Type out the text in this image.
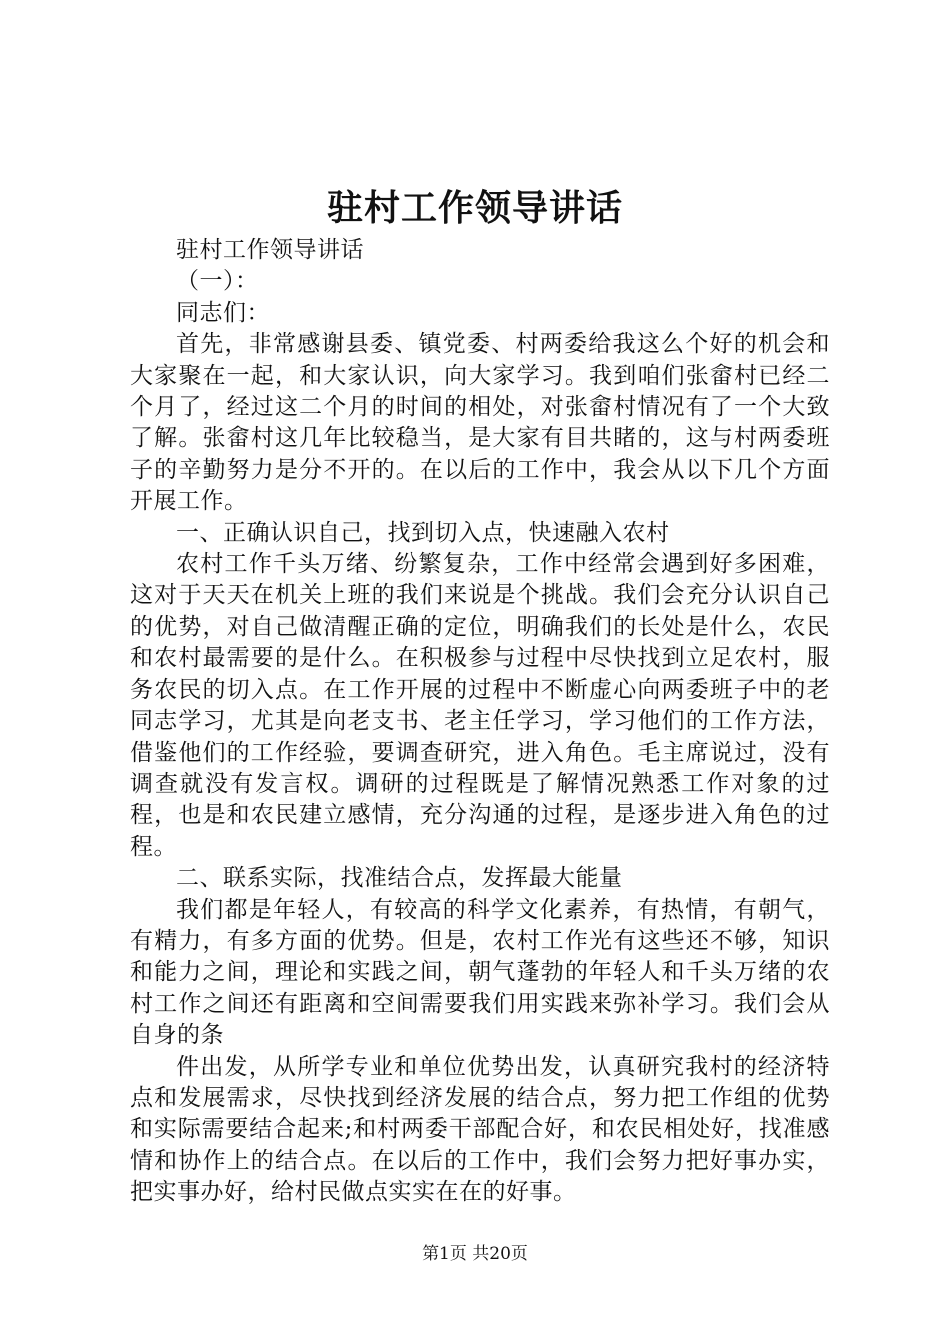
驻村工作领导讲话

驻村工作领导讲话

（一）：

同志们：

首先，非常感谢县委、镇党委、村两委给我这么个好的机会和大家聚在一起，和大家认识，向大家学习。我到咱们张畲村已经二个月了，经过这二个月的时间的相处，对张畲村情况有了一个大致了解。张畲村这几年比较稳当，是大家有目共睹的，这与村两委班子的辛勤努力是分不开的。在以后的工作中，我会从以下几个方面开展工作。

一、正确认识自己，找到切入点，快速融入农村

农村工作千头万绪、纷繁复杂，工作中经常会遇到好多困难，这对于天天在机关上班的我们来说是个挑战。我们会充分认识自己的优势，对自己做清醒正确的定位，明确我们的长处是什么，农民和农村最需要的是什么。在积极参与过程中尽快找到立足农村，服务农民的切入点。在工作开展的过程中不断虚心向两委班子中的老同志学习，尤其是向老支书、老主任学习，学习他们的工作方法，借鉴他们的工作经验，要调查研究，进入角色。毛主席说过，没有调查就没有发言权。调研的过程既是了解情况熟悉工作对象的过程，也是和农民建立感情，充分沟通的过程，是逐步进入角色的过程。

二、联系实际，找准结合点，发挥最大能量

我们都是年轻人，有较高的科学文化素养，有热情，有朝气，有精力，有多方面的优势。但是，农村工作光有这些还不够，知识和能力之间，理论和实践之间，朝气蓬勃的年轻人和千头万绪的农村工作之间还有距离和空间需要我们用实践来弥补学习。我们会从自身的条

件出发，从所学专业和单位优势出发，认真研究我村的经济特点和发展需求，尽快找到经济发展的结合点，努力把工作组的优势和实际需要结合起来;和村两委干部配合好，和农民相处好，找准感情和协作上的结合点。在以后的工作中，我们会努力把好事办实，把实事办好，给村民做点实实在在的好事。

第1页 共20页
